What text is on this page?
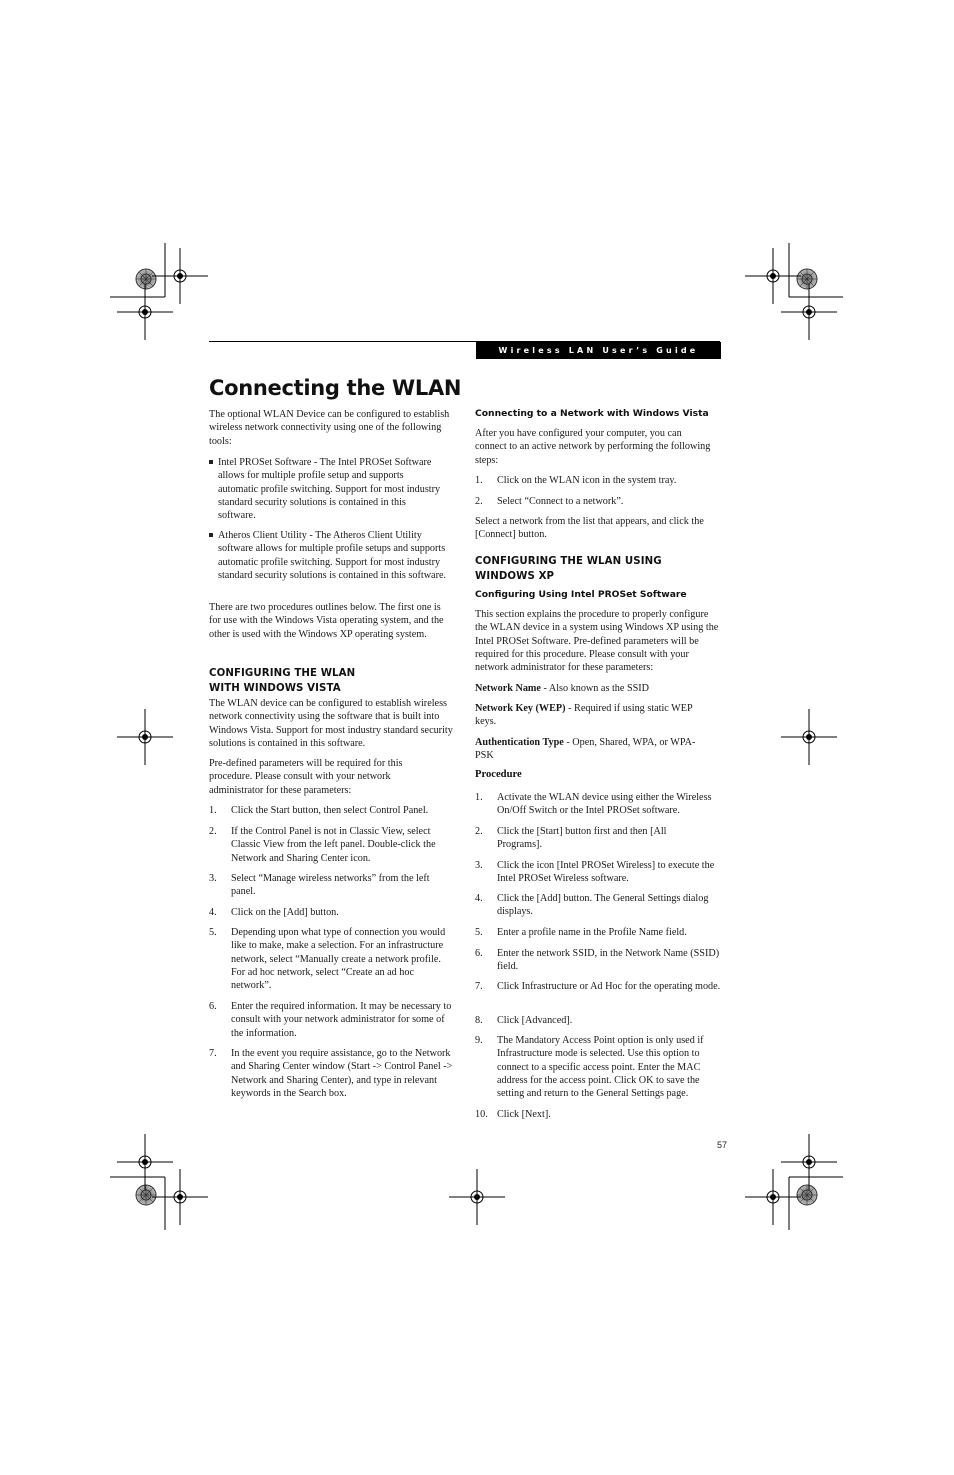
Wireless LAN User’s Guide
Connecting the WLAN

The optional WLAN Device can be configured to establish wireless network connectivity using one of the following tools:

Intel PROSet Software - The Intel PROSet Software allows for multiple profile setup and supports automatic profile switching. Support for most industry standard security solutions is contained in this software.
Atheros Client Utility - The Atheros Client Utility software allows for multiple profile setups and supports automatic profile switching. Support for most industry standard security solutions is contained in this software.

There are two procedures outlines below. The first one is for use with the Windows Vista operating system, and the other is used with the Windows XP operating system.

CONFIGURING THE WLAN
WITH WINDOWS VISTA

The WLAN device can be configured to establish wireless network connectivity using the software that is built into Windows Vista. Support for most industry standard security solutions is contained in this software.

Pre-defined parameters will be required for this procedure. Please consult with your network administrator for these parameters:

1. Click the Start button, then select Control Panel.
2. If the Control Panel is not in Classic View, select Classic View from the left panel. Double-click the Network and Sharing Center icon.
3. Select “Manage wireless networks” from the left panel.
4. Click on the [Add] button.
5. Depending upon what type of connection you would like to make, make a selection. For an infrastructure network, select “Manually create a network profile. For ad hoc network, select “Create an ad hoc network”.
6. Enter the required information. It may be necessary to consult with your network administrator for some of the information.
7. In the event you require assistance, go to the Network and Sharing Center window (Start -> Control Panel -> Network and Sharing Center), and type in relevant keywords in the Search box.
Connecting to a Network with Windows Vista

After you have configured your computer, you can connect to an active network by performing the following steps:

1. Click on the WLAN icon in the system tray.
2. Select “Connect to a network”.

Select a network from the list that appears, and click the [Connect] button.

CONFIGURING THE WLAN USING
WINDOWS XP
Configuring Using Intel PROSet Software

This section explains the procedure to properly configure the WLAN device in a system using Windows XP using the Intel PROSet Software. Pre-defined parameters will be required for this procedure. Please consult with your network administrator for these parameters:

Network Name - Also known as the SSID

Network Key (WEP) - Required if using static WEP keys.

Authentication Type - Open, Shared, WPA, or WPA-PSK

Procedure
1. Activate the WLAN device using either the Wireless On/Off Switch or the Intel PROSet software.
2. Click the [Start] button first and then [All Programs].
3. Click the icon [Intel PROSet Wireless] to execute the Intel PROSet Wireless software.
4. Click the [Add] button. The General Settings dialog displays.
5. Enter a profile name in the Profile Name field.
6. Enter the network SSID, in the Network Name (SSID) field.
7. Click Infrastructure or Ad Hoc for the operating mode.
8. Click [Advanced].
9. The Mandatory Access Point option is only used if Infrastructure mode is selected. Use this option to connect to a specific access point. Enter the MAC address for the access point. Click OK to save the setting and return to the General Settings page.
10. Click [Next].
57
